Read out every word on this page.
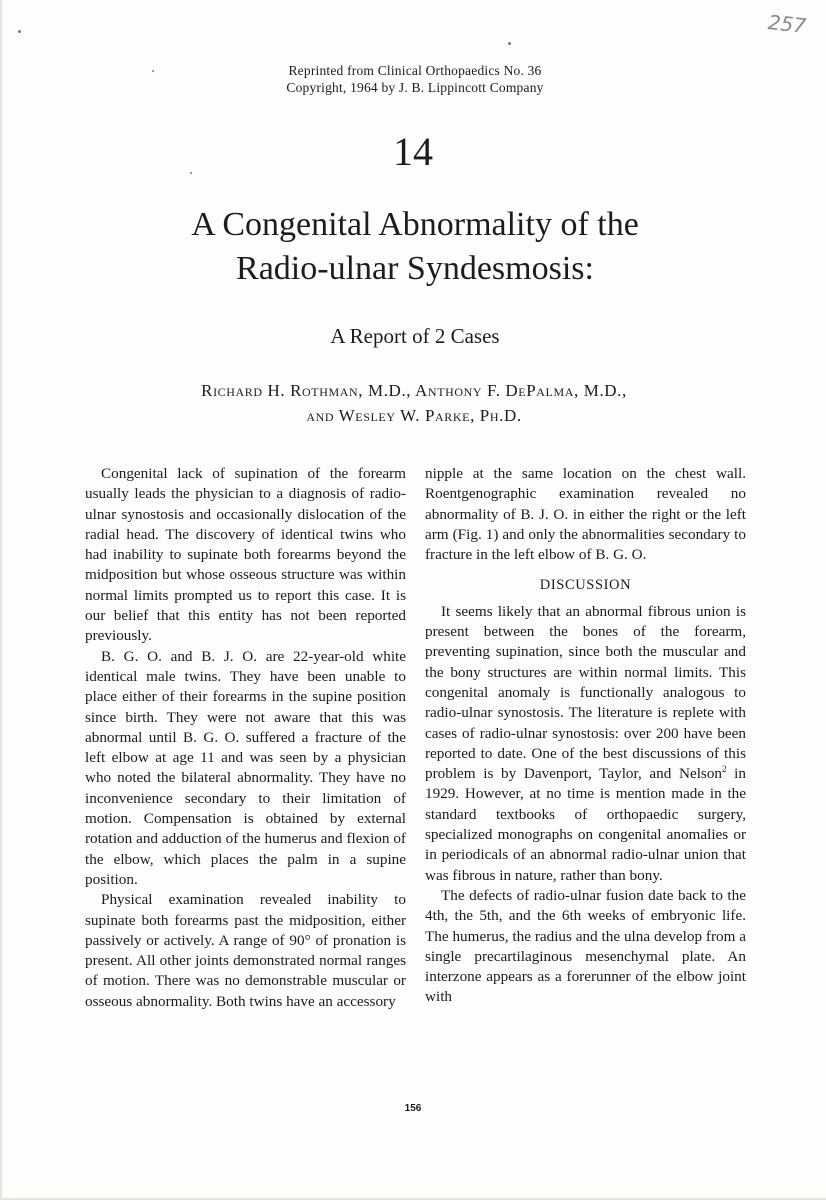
257
Reprinted from Clinical Orthopaedics No. 36
Copyright, 1964 by J. B. Lippincott Company
14
A Congenital Abnormality of the
Radio-ulnar Syndesmosis:
A Report of 2 Cases
Richard H. Rothman, M.D., Anthony F. DePalma, M.D.,
and Wesley W. Parke, Ph.D.

Congenital lack of supination of the forearm usually leads the physician to a diagnosis of radio-ulnar synostosis and occasionally dislocation of the radial head. The discovery of identical twins who had inability to supinate both forearms beyond the midposition but whose osseous structure was within normal limits prompted us to report this case. It is our belief that this entity has not been reported previously.

B. G. O. and B. J. O. are 22-year-old white identical male twins. They have been unable to place either of their forearms in the supine position since birth. They were not aware that this was abnormal until B. G. O. suffered a fracture of the left elbow at age 11 and was seen by a physician who noted the bilateral abnormality. They have no inconvenience secondary to their limitation of motion. Compensation is obtained by external rotation and adduction of the humerus and flexion of the elbow, which places the palm in a supine position.

Physical examination revealed inability to supinate both forearms past the midposition, either passively or actively. A range of 90° of pronation is present. All other joints demonstrated normal ranges of motion. There was no demonstrable muscular or osseous abnormality. Both twins have an accessory

nipple at the same location on the chest wall. Roentgenographic examination revealed no abnormality of B. J. O. in either the right or the left arm (Fig. 1) and only the abnormalities secondary to fracture in the left elbow of B. G. O.

DISCUSSION

It seems likely that an abnormal fibrous union is present between the bones of the forearm, preventing supination, since both the muscular and the bony structures are within normal limits. This congenital anomaly is functionally analogous to radio-ulnar synostosis. The literature is replete with cases of radio-ulnar synostosis: over 200 have been reported to date. One of the best discussions of this problem is by Davenport, Taylor, and Nelson$^2$ in 1929. However, at no time is mention made in the standard textbooks of orthopaedic surgery, specialized monographs on congenital anomalies or in periodicals of an abnormal radio-ulnar union that was fibrous in nature, rather than bony.

The defects of radio-ulnar fusion date back to the 4th, the 5th, and the 6th weeks of embryonic life. The humerus, the radius and the ulna develop from a single precartilaginous mesenchymal plate. An interzone appears as a forerunner of the elbow joint with

156
